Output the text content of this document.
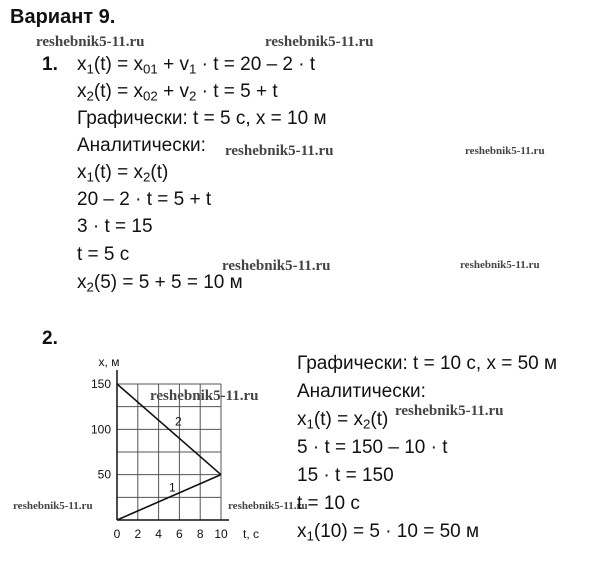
Вариант 9.
reshebnik5-11.ru	reshebnik5-11.ru
reshebnik5-11.ru	reshebnik5-11.ru
reshebnik5-11.ru	reshebnik5-11.ru
reshebnik5-11.ru
reshebnik5-11.ru
reshebnik5-11.ru	reshebnik5-11.ru
1. $x_1(t) = x_{01} + v_1 \cdot t = 20 - 2 \cdot t$
$x_2(t) = x_{02} + v_2 \cdot t = 5 + t$
Графически: t = 5 с, x = 10 м
Аналитически:
$x_1(t) = x_2(t)$
20 – 2 · t = 5 + t
3 · t = 15
t = 5 с
$x_2(5) = 5 + 5 = 10$ м
2.
1
2
0 2 4 6 8 10
50
100
150
t, с
x, м	Графически: t = 10 с, x = 50 м
Аналитически:
$x_1(t) = x_2(t)$
5 · t = 150 – 10 · t
15 · t = 150
t = 10 с
$x_1(10) = 5 \cdot 10 = 50$ м
